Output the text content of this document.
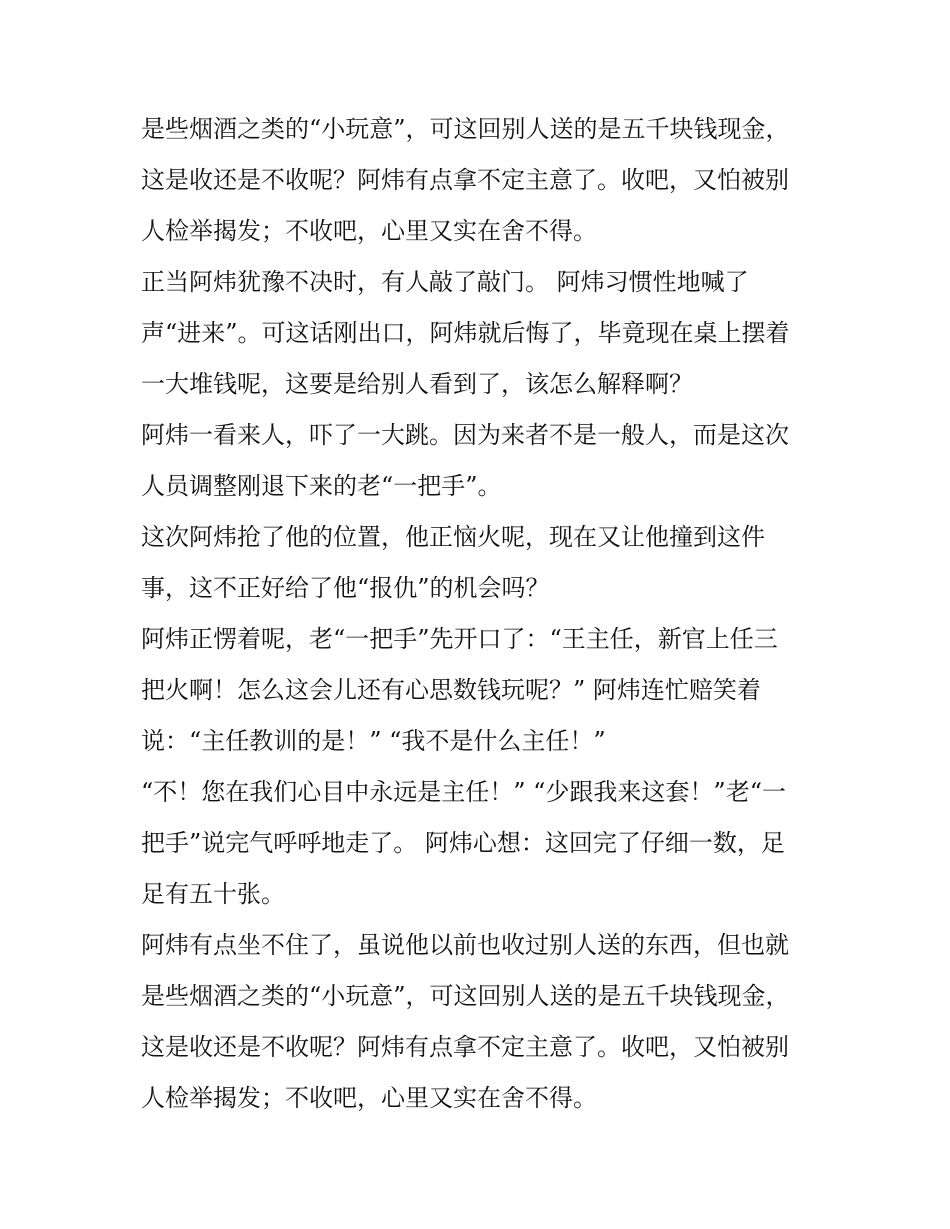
是些烟酒之类的“小玩意”，可这回别人送的是五千块钱现金，
这是收还是不收呢？阿炜有点拿不定主意了。收吧，又怕被别
人检举揭发；不收吧，心里又实在舍不得。
正当阿炜犹豫不决时，有人敲了敲门。 阿炜习惯性地喊了
声“进来”。可这话刚出口，阿炜就后悔了，毕竟现在桌上摆着
一大堆钱呢，这要是给别人看到了，该怎么解释啊？
阿炜一看来人，吓了一大跳。因为来者不是一般人，而是这次
人员调整刚退下来的老“一把手”。
这次阿炜抢了他的位置，他正恼火呢，现在又让他撞到这件
事，这不正好给了他“报仇”的机会吗？
阿炜正愣着呢，老“一把手”先开口了：“王主任，新官上任三
把火啊！怎么这会儿还有心思数钱玩呢？” 阿炜连忙赔笑着
说：“主任教训的是！” “我不是什么主任！”
“不！您在我们心目中永远是主任！” “少跟我来这套！”老“一
把手”说完气呼呼地走了。 阿炜心想：这回完了仔细一数，足
足有五十张。
阿炜有点坐不住了，虽说他以前也收过别人送的东西，但也就
是些烟酒之类的“小玩意”，可这回别人送的是五千块钱现金，
这是收还是不收呢？阿炜有点拿不定主意了。收吧，又怕被别
人检举揭发；不收吧，心里又实在舍不得。
